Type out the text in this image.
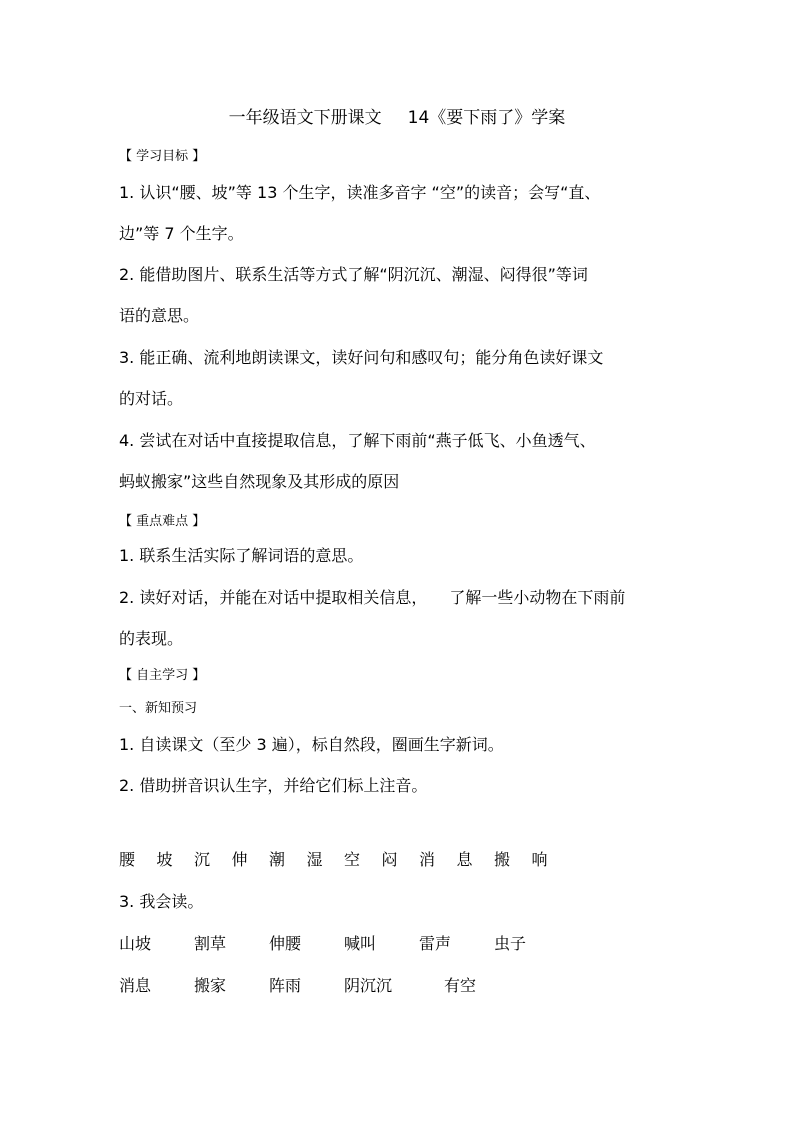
一年级语文下册课文 14《要下雨了》学案
【 学习目标 】
1. 认识“腰、坡”等 13 个生字，读准多音字 “空”的读音；会写“直、
边”等 7 个生字。
2. 能借助图片、联系生活等方式了解“阴沉沉、潮湿、闷得很”等词
语的意思。
3. 能正确、流利地朗读课文，读好问句和感叹句；能分角色读好课文
的对话。
4. 尝试在对话中直接提取信息，了解下雨前“燕子低飞、小鱼透气、
蚂蚁搬家”这些自然现象及其形成的原因
【 重点难点 】
1. 联系生活实际了解词语的意思。
2. 读好对话，并能在对话中提取相关信息， 了解一些小动物在下雨前
的表现。
【 自主学习 】
一、新知预习
1. 自读课文（至少 3 遍），标自然段，圈画生字新词。
2. 借助拼音识认生字，并给它们标上注音。
腰 坡 沉 伸 潮 湿 空 闷 消 息 搬 响
3. 我会读。
山坡	割草	伸腰	喊叫	雷声	虫子
消息	搬家	阵雨	阴沉沉	有空
